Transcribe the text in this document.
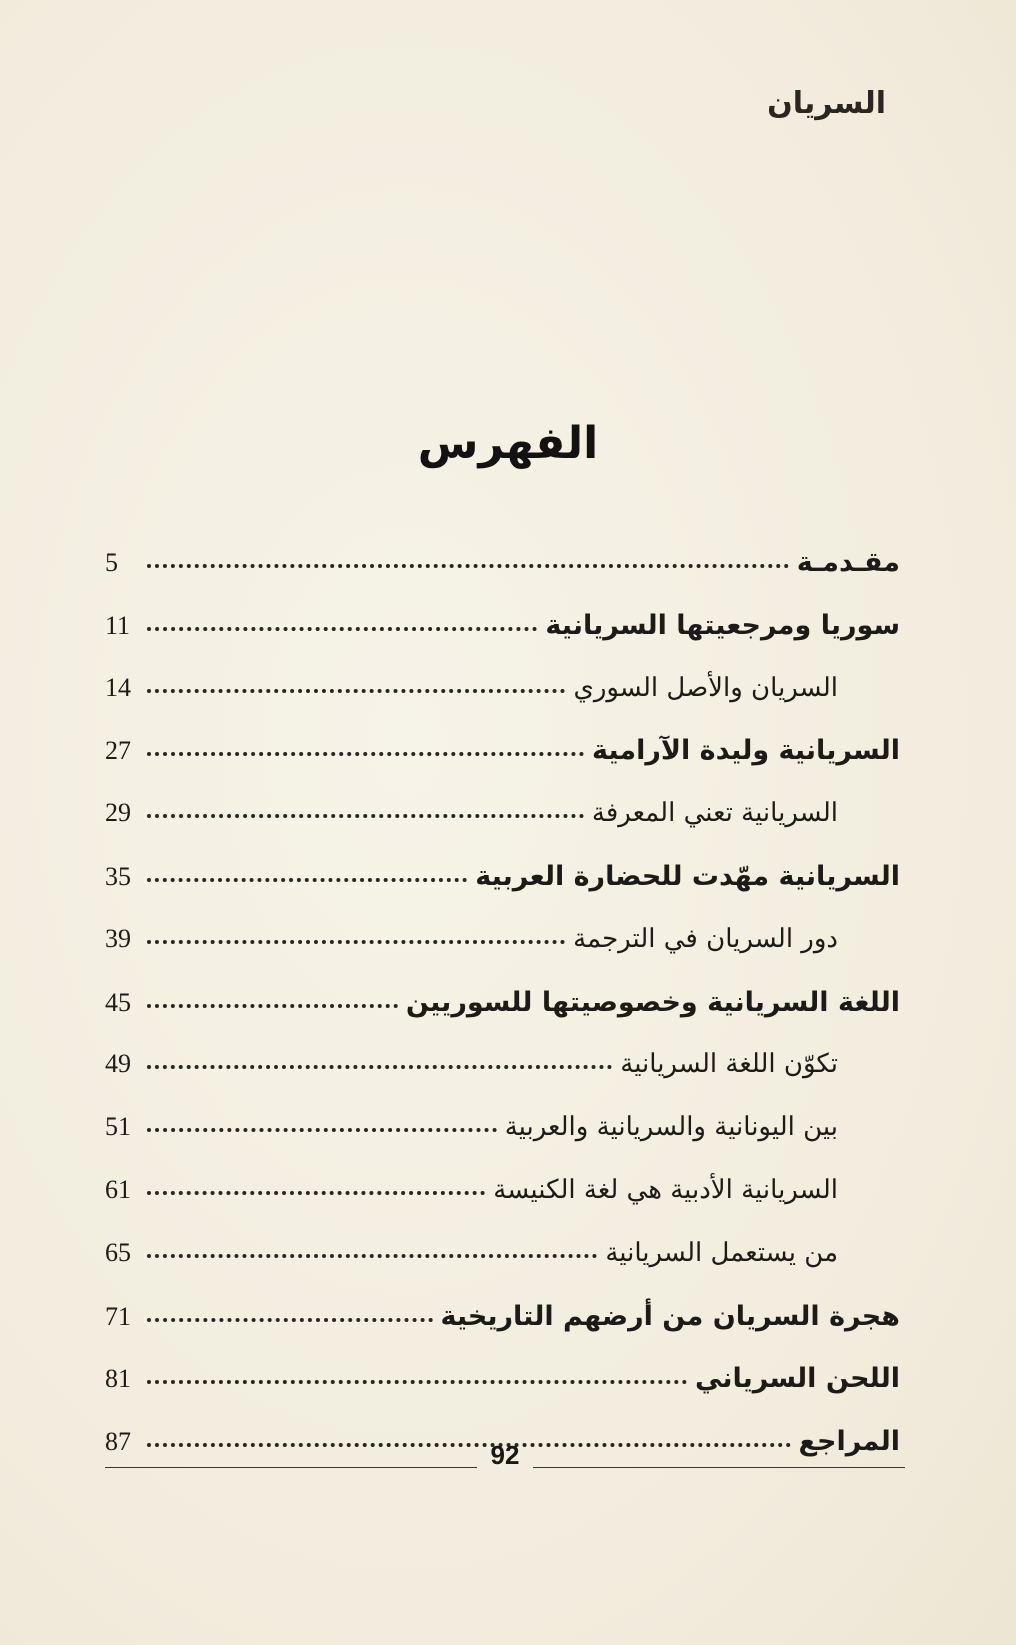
السريان
الفهرس
مقـدمـة
5
سوريا ومرجعيتها السريانية
11
السريان والأصل السوري
14
السريانية وليدة الآرامية
27
السريانية تعني المعرفة
29
السريانية مهّدت للحضارة العربية
35
دور السريان في الترجمة
39
اللغة السريانية وخصوصيتها للسوريين
45
تكوّن اللغة السريانية
49
بين اليونانية والسريانية والعربية
51
السريانية الأدبية هي لغة الكنيسة
61
من يستعمل السريانية
65
هجرة السريان من أرضهم التاريخية
71
اللحن السرياني
81
المراجع
87	92
